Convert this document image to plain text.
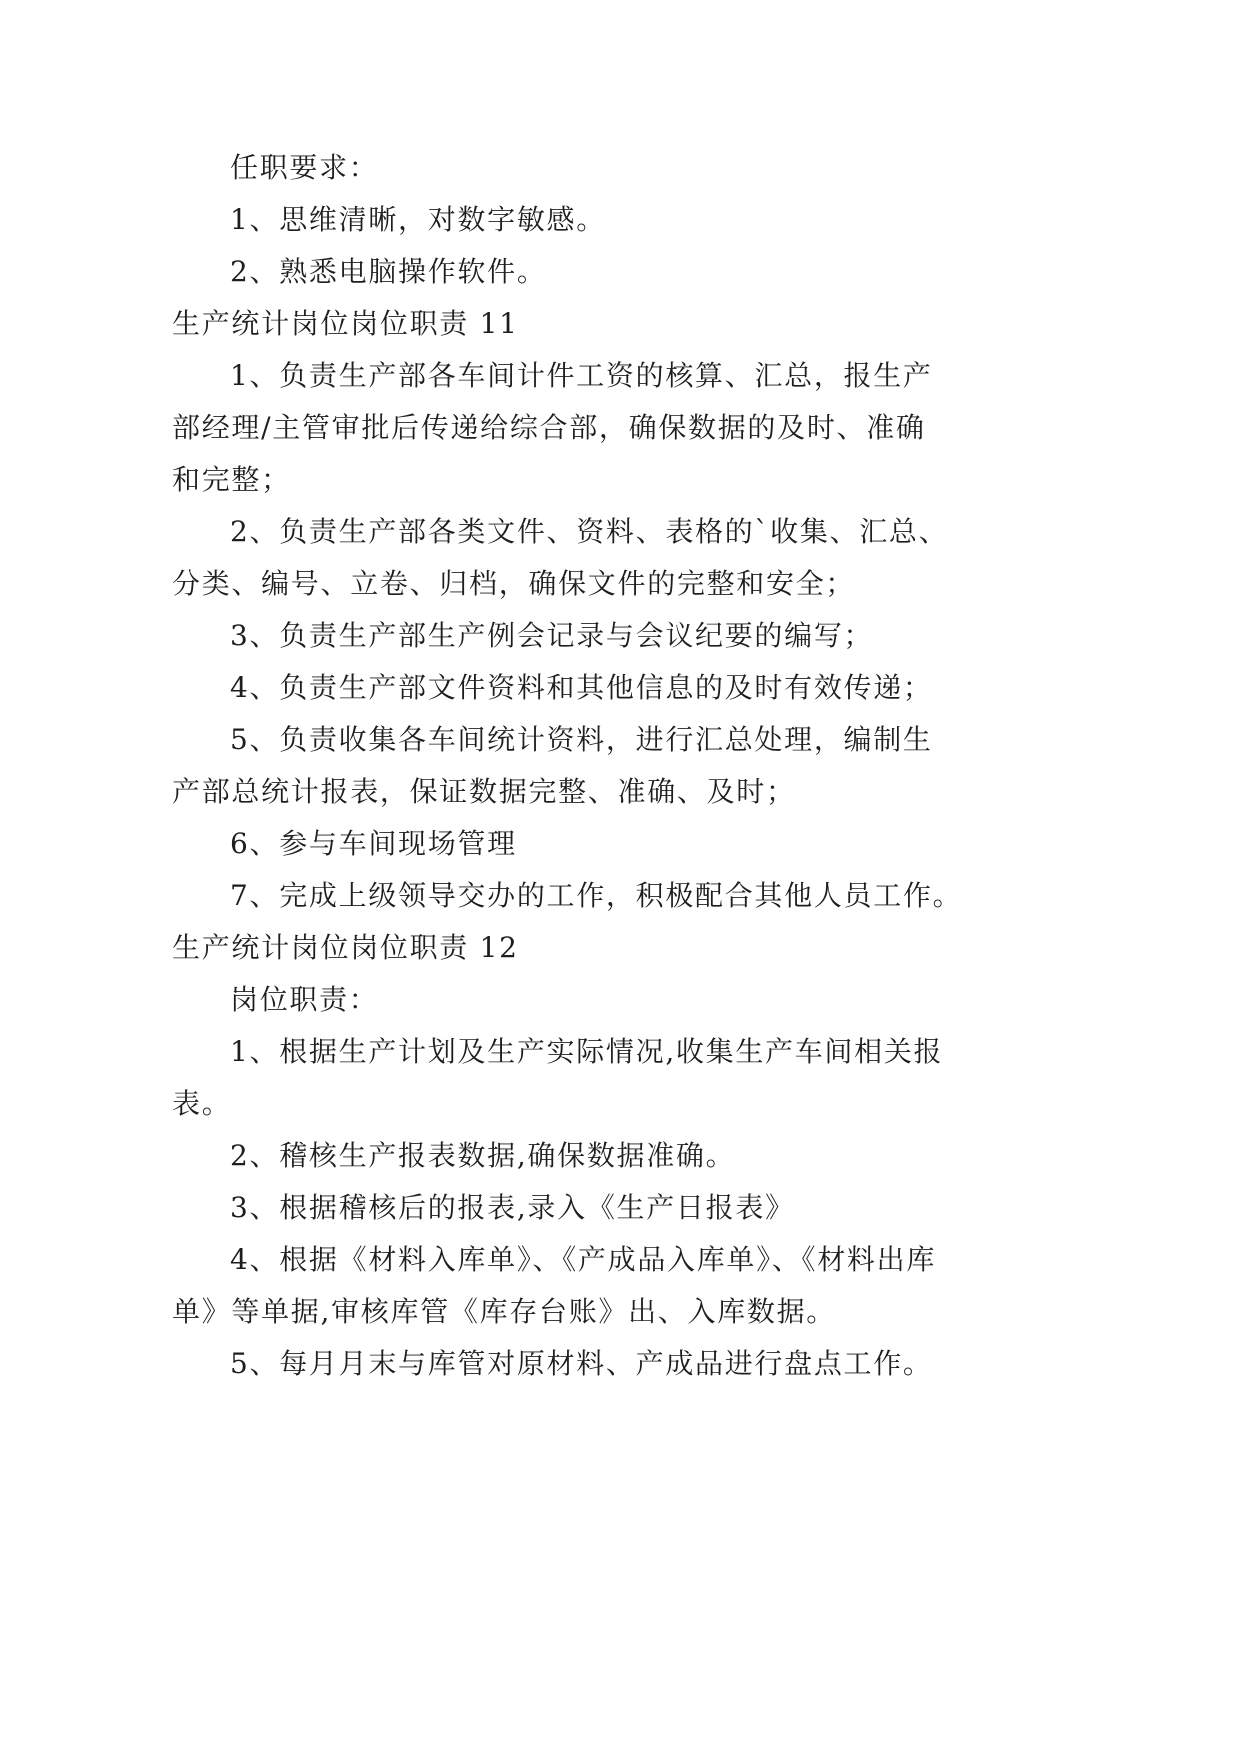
任职要求：
1、思维清晰，对数字敏感。
2、熟悉电脑操作软件。
生产统计岗位岗位职责 11
1、负责生产部各车间计件工资的核算、汇总，报生产
部经理/主管审批后传递给综合部，确保数据的及时、准确
和完整；
2、负责生产部各类文件、资料、表格的`收集、汇总、
分类、编号、立卷、归档，确保文件的完整和安全；
3、负责生产部生产例会记录与会议纪要的编写；
4、负责生产部文件资料和其他信息的及时有效传递；
5、负责收集各车间统计资料，进行汇总处理，编制生
产部总统计报表，保证数据完整、准确、及时；
6、参与车间现场管理
7、完成上级领导交办的工作，积极配合其他人员工作。
生产统计岗位岗位职责 12
岗位职责：
1、根据生产计划及生产实际情况,收集生产车间相关报
表。
2、稽核生产报表数据,确保数据准确。
3、根据稽核后的报表,录入《生产日报表》
4、根据《材料入库单》、《产成品入库单》、《材料出库
单》等单据,审核库管《库存台账》出、入库数据。
5、每月月末与库管对原材料、产成品进行盘点工作。
